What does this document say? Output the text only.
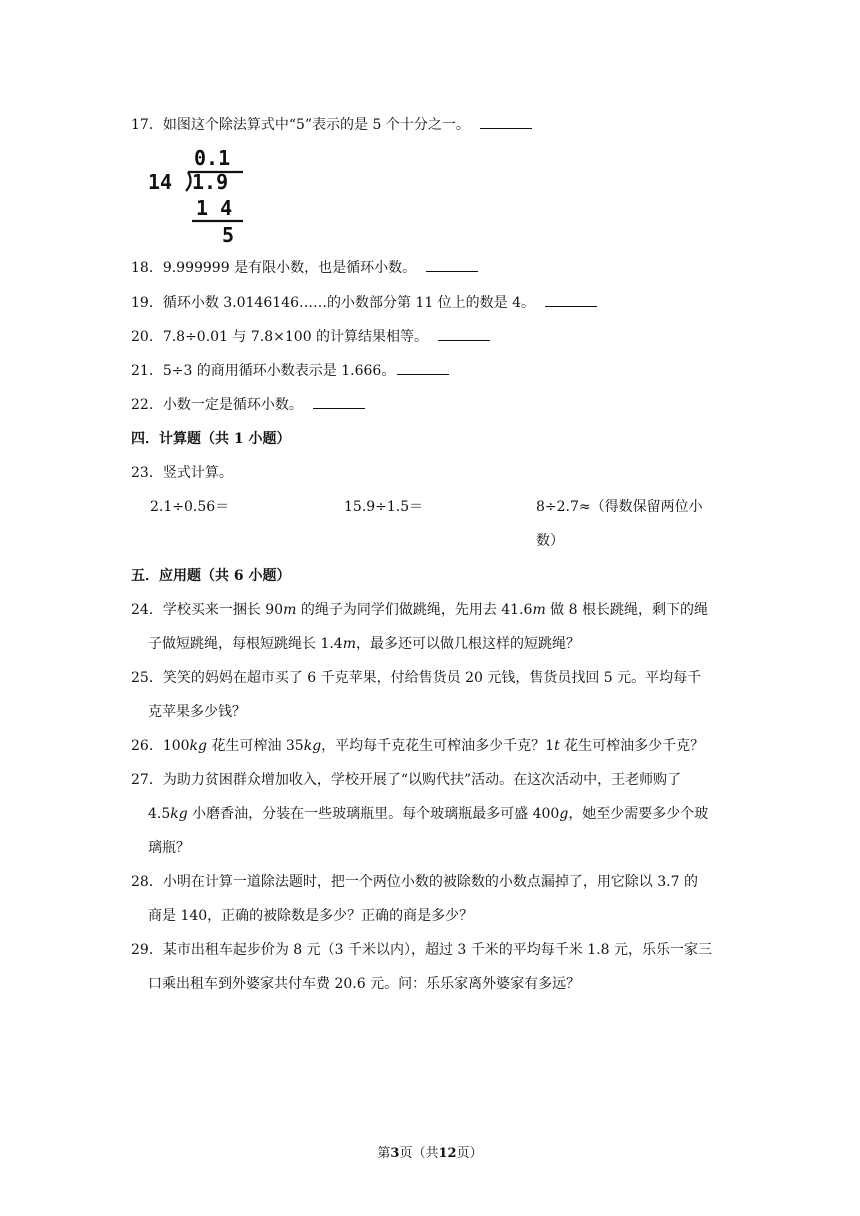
17．如图这个除法算式中“5”表示的是 5 个十分之一。
0.1
14 1.9
1 4
5
18．9.999999 是有限小数，也是循环小数。
19．循环小数 3.0146146……的小数部分第 11 位上的数是 4。
20．7.8÷0.01 与 7.8×100 的计算结果相等。
21．5÷3 的商用循环小数表示是 1.666。
22．小数一定是循环小数。
四．计算题（共 1 小题）
23．竖式计算。
2.1÷0.56＝	15.9÷1.5＝	8÷2.7≈（得数保留两位小
数）
五．应用题（共 6 小题）
24．学校买来一捆长 90m 的绳子为同学们做跳绳，先用去 41.6m 做 8 根长跳绳，剩下的绳
子做短跳绳，每根短跳绳长 1.4m，最多还可以做几根这样的短跳绳？
25．笑笑的妈妈在超市买了 6 千克苹果，付给售货员 20 元钱，售货员找回 5 元。平均每千
克苹果多少钱？
26．100kg 花生可榨油 35kg，平均每千克花生可榨油多少千克？1t 花生可榨油多少千克？
27．为助力贫困群众增加收入，学校开展了“以购代扶”活动。在这次活动中，王老师购了
4.5kg 小磨香油，分装在一些玻璃瓶里。每个玻璃瓶最多可盛 400g，她至少需要多少个玻
璃瓶？
28．小明在计算一道除法题时，把一个两位小数的被除数的小数点漏掉了，用它除以 3.7 的
商是 140，正确的被除数是多少？正确的商是多少？
29．某市出租车起步价为 8 元（3 千米以内），超过 3 千米的平均每千米 1.8 元，乐乐一家三
口乘出租车到外婆家共付车费 20.6 元。问：乐乐家离外婆家有多远？
第3页（共12页）
